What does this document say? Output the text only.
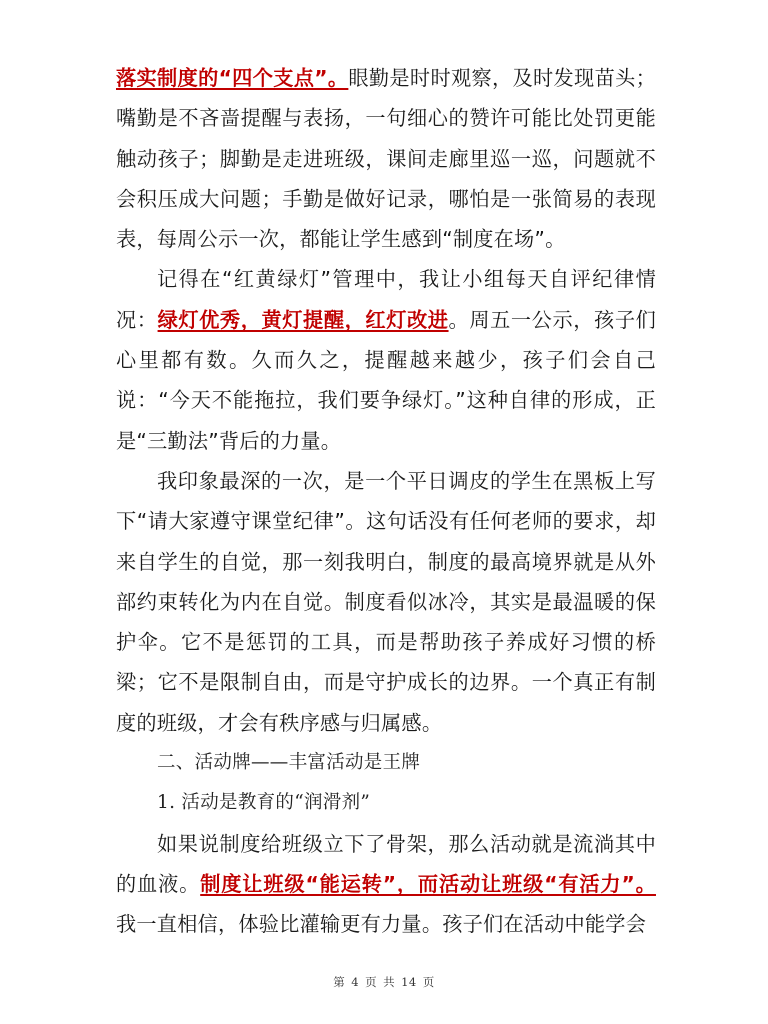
落实制度的“四个支点”。眼勤是时时观察，及时发现苗头；嘴勤是不吝啬提醒与表扬，一句细心的赞许可能比处罚更能触动孩子；脚勤是走进班级，课间走廊里巡一巡，问题就不会积压成大问题；手勤是做好记录，哪怕是一张简易的表现表，每周公示一次，都能让学生感到“制度在场”。

记得在“红黄绿灯”管理中，我让小组每天自评纪律情况：绿灯优秀，黄灯提醒，红灯改进。周五一公示，孩子们心里都有数。久而久之，提醒越来越少，孩子们会自己说：“今天不能拖拉，我们要争绿灯。”这种自律的形成，正是“三勤法”背后的力量。

我印象最深的一次，是一个平日调皮的学生在黑板上写下“请大家遵守课堂纪律”。这句话没有任何老师的要求，却来自学生的自觉，那一刻我明白，制度的最高境界就是从外部约束转化为内在自觉。制度看似冰冷，其实是最温暖的保护伞。它不是惩罚的工具，而是帮助孩子养成好习惯的桥梁；它不是限制自由，而是守护成长的边界。一个真正有制度的班级，才会有秩序感与归属感。

二、活动牌——丰富活动是王牌

1. 活动是教育的“润滑剂”

如果说制度给班级立下了骨架，那么活动就是流淌其中的血液。制度让班级“能运转”，而活动让班级“有活力”。我一直相信，体验比灌输更有力量。孩子们在活动中能学会

第 4 页 共 14 页
